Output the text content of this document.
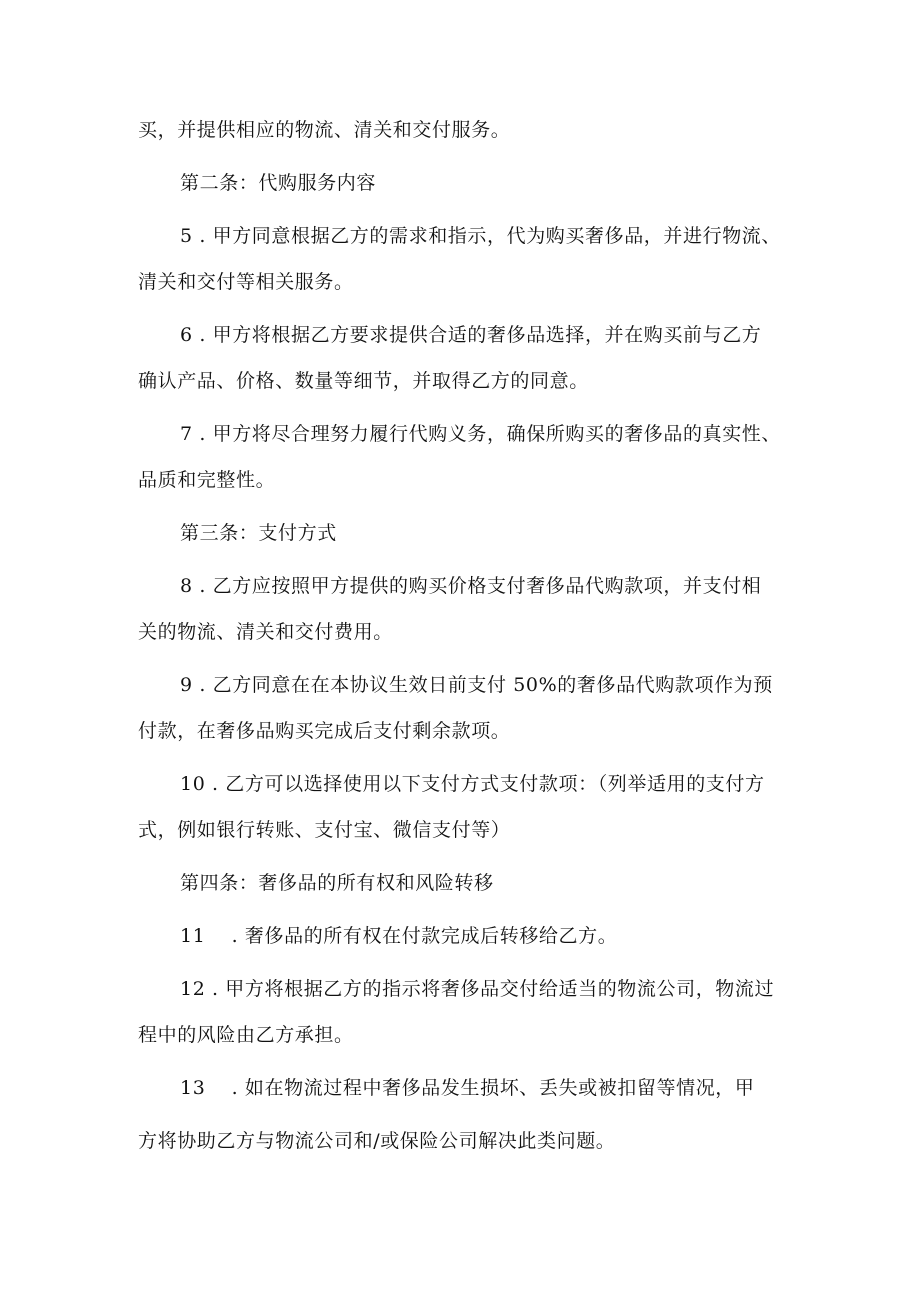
买，并提供相应的物流、清关和交付服务。
第二条：代购服务内容
5 . 甲方同意根据乙方的需求和指示，代为购买奢侈品，并进行物流、
清关和交付等相关服务。
6 . 甲方将根据乙方要求提供合适的奢侈品选择，并在购买前与乙方
确认产品、价格、数量等细节，并取得乙方的同意。
7 . 甲方将尽合理努力履行代购义务，确保所购买的奢侈品的真实性、
品质和完整性。
第三条：支付方式
8 . 乙方应按照甲方提供的购买价格支付奢侈品代购款项，并支付相
关的物流、清关和交付费用。
9 . 乙方同意在在本协议生效日前支付 50%的奢侈品代购款项作为预
付款，在奢侈品购买完成后支付剩余款项。
10 . 乙方可以选择使用以下支付方式支付款项：（列举适用的支付方
式，例如银行转账、支付宝、微信支付等）
第四条：奢侈品的所有权和风险转移
11　 . 奢侈品的所有权在付款完成后转移给乙方。
12 . 甲方将根据乙方的指示将奢侈品交付给适当的物流公司，物流过
程中的风险由乙方承担。
13　 . 如在物流过程中奢侈品发生损坏、丢失或被扣留等情况，甲
方将协助乙方与物流公司和/或保险公司解决此类问题。
